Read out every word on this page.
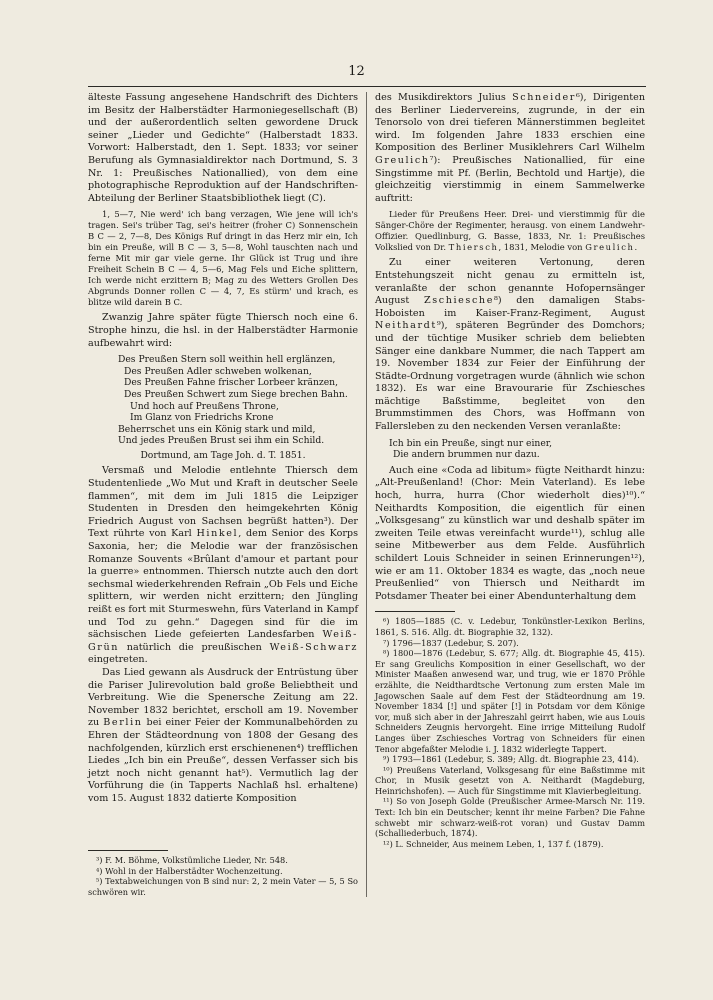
12

älteste Fassung angesehene Handschrift des Dichters im Besitz der Halberstädter Harmoniegesellschaft (B) und der außerordentlich selten gewordene Druck seiner „Lieder und Gedichte“ (Halberstadt 1833. Vorwort: Halberstadt, den 1. Sept. 1833; vor seiner Berufung als Gymnasialdirektor nach Dortmund, S. 3 Nr. 1: Preußisches Nationallied), von dem eine photographische Reproduktion auf der Handschriften-Abteilung der Berliner Staatsbibliothek liegt (C).

1, 5—7, Nie werd' ich bang verzagen, Wie jene will ich's tragen. Sei's trüber Tag, sei's heitrer (froher C) Sonnenschein B C — 2, 7—8, Des Königs Ruf dringt in das Herz mir ein, Ich bin ein Preuße, will B C — 3, 5—8, Wohl tauschten nach und ferne Mit mir gar viele gerne. Ihr Glück ist Trug und ihre Freiheit Schein B C — 4, 5—6, Mag Fels und Eiche splittern, Ich werde nicht erzittern B; Mag zu des Wetters Grollen Des Abgrunds Donner rollen C — 4, 7, Es stürm' und krach, es blitze wild darein B C.

Zwanzig Jahre später fügte Thiersch noch eine 6. Strophe hinzu, die hsl. in der Halberstädter Harmonie aufbewahrt wird:

Des Preußen Stern soll weithin hell erglänzen,
Des Preußen Adler schweben wolkenan,
Des Preußen Fahne frischer Lorbeer kränzen,
Des Preußen Schwert zum Siege brechen Bahn.
Und hoch auf Preußens Throne,
Im Glanz von Friedrichs Krone
Beherrschet uns ein König stark und mild,
Und jedes Preußen Brust sei ihm ein Schild.
Dortmund, am Tage Joh. d. T. 1851.

Versmaß und Melodie entlehnte Thiersch dem Studentenliede „Wo Mut und Kraft in deutscher Seele flammen“, mit dem im Juli 1815 die Leipziger Studenten in Dresden den heimgekehrten König Friedrich August von Sachsen begrüßt hatten³). Der Text rührte von Karl Hinkel, dem Senior des Korps Saxonia, her; die Melodie war der französischen Romanze Souvents «Brûlant d'amour et partant pour la guerre» entnommen. Thiersch nutzte auch den dort sechsmal wiederkehrenden Refrain „Ob Fels und Eiche splittern, wir werden nicht erzittern; den Jüngling reißt es fort mit Sturmeswehn, fürs Vaterland in Kampf und Tod zu gehn.“ Dagegen sind für die im sächsischen Liede gefeierten Landesfarben Weiß-Grün natürlich die preußischen Weiß-Schwarz eingetreten.

Das Lied gewann als Ausdruck der Entrüstung über die Pariser Julirevolution bald große Beliebtheit und Verbreitung. Wie die Spenersche Zeitung am 22. November 1832 berichtet, erscholl am 19. November zu Berlin bei einer Feier der Kommunalbehörden zu Ehren der Städteordnung von 1808 der Gesang des nachfolgenden, kürzlich erst erschienenen⁴) trefflichen Liedes „Ich bin ein Preuße“, dessen Verfasser sich bis jetzt noch nicht genannt hat⁵). Vermutlich lag der Vorführung die (in Tapperts Nachlaß hsl. erhaltene) vom 15. August 1832 datierte Komposition

³) F. M. Böhme, Volkstümliche Lieder, Nr. 548.

⁴) Wohl in der Halberstädter Wochenzeitung.

⁵) Textabweichungen von B sind nur: 2, 2 mein Vater — 5, 5 So schwören wir.

des Musikdirektors Julius Schneider⁶), Dirigenten des Berliner Liedervereins, zugrunde, in der ein Tenorsolo von drei tieferen Männerstimmen begleitet wird. Im folgenden Jahre 1833 erschien eine Komposition des Berliner Musiklehrers Carl Wilhelm Greulich⁷): Preußisches Nationallied, für eine Singstimme mit Pf. (Berlin, Bechtold und Hartje), die gleichzeitig vierstimmig in einem Sammelwerke auftritt:

Lieder für Preußens Heer. Drei- und vierstimmig für die Sänger-Chöre der Regimenter, herausg. von einem Landwehr-Offizier. Quedlinburg, G. Basse, 1833, Nr. 1: Preußisches Volkslied von Dr. Thiersch, 1831, Melodie von Greulich.

Zu einer weiteren Vertonung, deren Entstehungszeit nicht genau zu ermitteln ist, veranlaßte der schon genannte Hofopernsänger August Zschiesche⁸) den damaligen Stabs-Hoboisten im Kaiser-Franz-Regiment, August Neithardt⁹), späteren Begründer des Domchors; und der tüchtige Musiker schrieb dem beliebten Sänger eine dankbare Nummer, die nach Tappert am 19. November 1834 zur Feier der Einführung der Städte-Ordnung vorgetragen wurde (ähnlich wie schon 1832). Es war eine Bravourarie für Zschiesches mächtige Baßstimme, begleitet von den Brummstimmen des Chors, was Hoffmann von Fallersleben zu den neckenden Versen veranlaßte:

Ich bin ein Preuße, singt nur einer,
Die andern brummen nur dazu.

Auch eine «Coda ad libitum» fügte Neithardt hinzu: „Alt-Preußenland! (Chor: Mein Vaterland). Es lebe hoch, hurra, hurra (Chor wiederholt dies)¹⁰).“ Neithardts Komposition, die eigentlich für einen „Volksgesang“ zu künstlich war und deshalb später im zweiten Teile etwas vereinfacht wurde¹¹), schlug alle seine Mitbewerber aus dem Felde. Ausführlich schildert Louis Schneider in seinen Erinnerungen¹²), wie er am 11. Oktober 1834 es wagte, das „noch neue Preußenlied“ von Thiersch und Neithardt im Potsdamer Theater bei einer Abendunterhaltung dem

⁶) 1805—1885 (C. v. Ledebur, Tonkünstler-Lexikon Berlins, 1861, S. 516. Allg. dt. Biographie 32, 132).

⁷) 1796—1837 (Ledebur, S. 207).

⁸) 1800—1876 (Ledebur, S. 677; Allg. dt. Biographie 45, 415). Er sang Greulichs Komposition in einer Gesellschaft, wo der Minister Maaßen anwesend war, und trug, wie er 1870 Pröhle erzählte, die Neidthardtsche Vertonung zum ersten Male im Jagowschen Saale auf dem Fest der Städteordnung am 19. November 1834 [!] und später [!] in Potsdam vor dem Könige vor, muß sich aber in der Jahreszahl geirrt haben, wie aus Louis Schneiders Zeugnis hervorgeht. Eine irrige Mitteilung Rudolf Langes über Zschiesches Vortrag von Schneiders für einen Tenor abgefaßter Melodie i. J. 1832 widerlegte Tappert.

⁹) 1793—1861 (Ledebur, S. 389; Allg. dt. Biographie 23, 414).

¹⁰) Preußens Vaterland, Volksgesang für eine Baßstimme mit Chor, in Musik gesetzt von A. Neithardt (Magdeburg, Heinrichshofen). — Auch für Singstimme mit Klavierbegleitung.

¹¹) So von Joseph Golde (Preußischer Armee-Marsch Nr. 119. Text: Ich bin ein Deutscher; kennt ihr meine Farben? Die Fahne schwebt mir schwarz-weiß-rot voran) und Gustav Damm (Schalliederbuch, 1874).

¹²) L. Schneider, Aus meinem Leben, 1, 137 f. (1879).
